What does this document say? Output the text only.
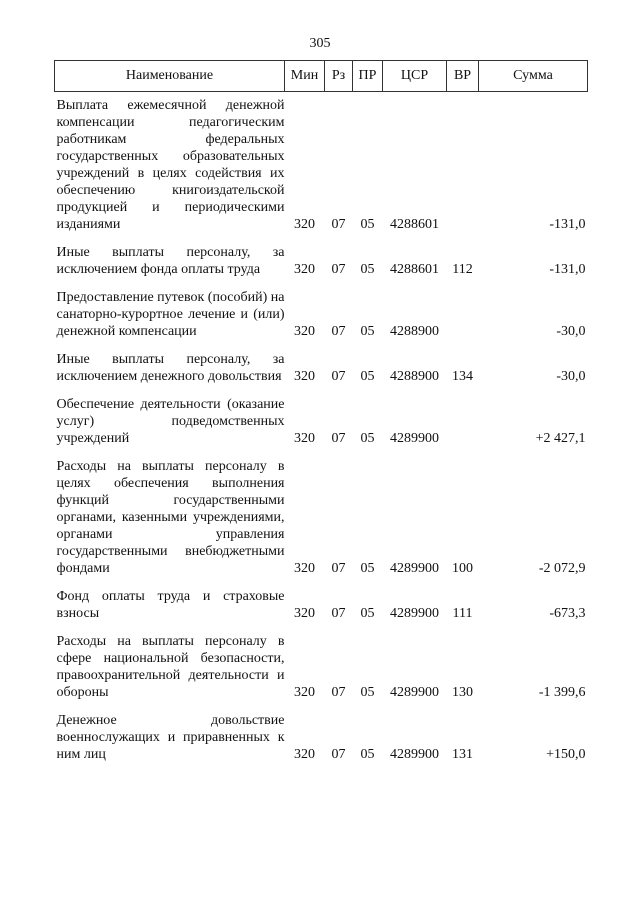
305
Наименование	Мин	Рз	ПР	ЦСР	ВР	Сумма
Выплата ежемесячной денежной компенсации педагогическим работникам федеральных государственных образовательных учреждений в целях содействия их обеспечению книгоиздательской продукцией и периодическими изданиями	320	07	05	4288601		-131,0
Иные выплаты персоналу, за исключением фонда оплаты труда	320	07	05	4288601	112	-131,0
Предоставление путевок (пособий) на санаторно-курортное лечение и (или) денежной компенсации	320	07	05	4288900		-30,0
Иные выплаты персоналу, за исключением денежного довольствия	320	07	05	4288900	134	-30,0
Обеспечение деятельности (оказание услуг) подведомственных учреждений	320	07	05	4289900		+2 427,1
Расходы на выплаты персоналу в целях обеспечения выполнения функций государственными органами, казенными учреждениями, органами управления государственными внебюджетными фондами	320	07	05	4289900	100	-2 072,9
Фонд оплаты труда и страховые взносы	320	07	05	4289900	111	-673,3
Расходы на выплаты персоналу в сфере национальной безопасности, правоохранительной деятельности и обороны	320	07	05	4289900	130	-1 399,6
Денежное довольствие военнослужащих и приравненных к ним лиц	320	07	05	4289900	131	+150,0
